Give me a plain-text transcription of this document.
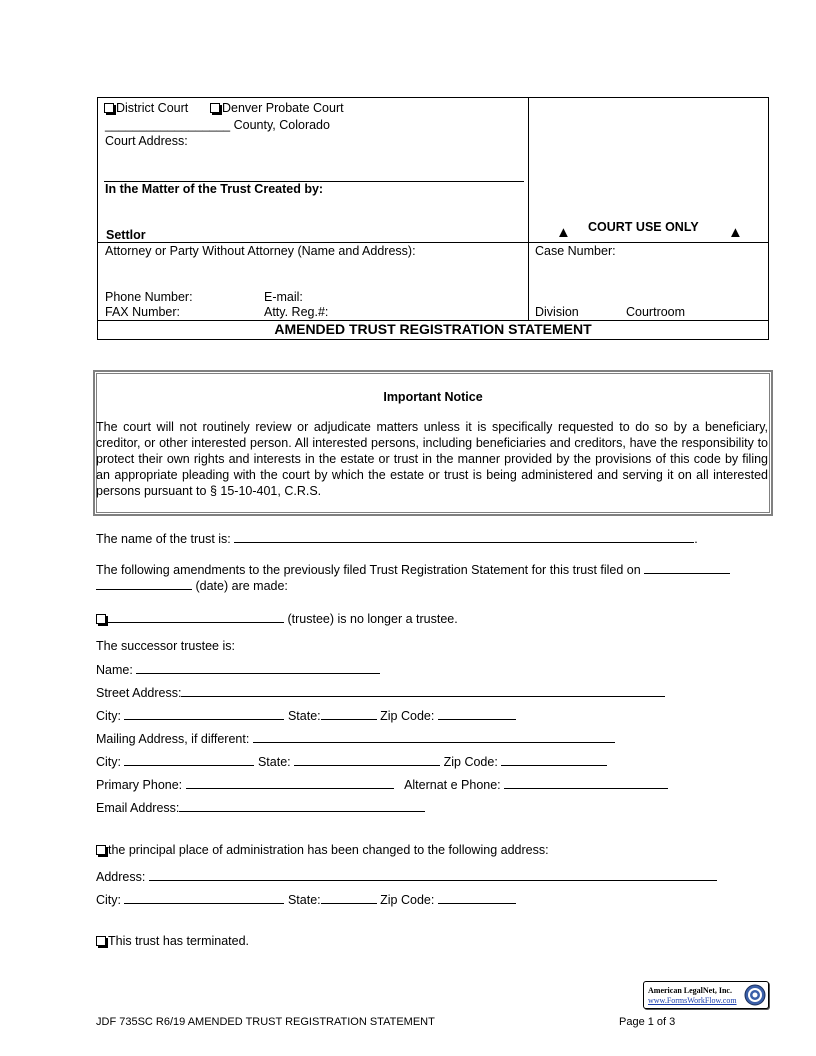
District Court	Denver Probate Court
__________________ County, Colorado
Court Address:
In the Matter of the Trust Created by:
Settlor	▲ COURT USE ONLY ▲
Attorney or Party Without Attorney (Name and Address):	Case Number:
Phone Number:	E-mail:
FAX Number:	Atty. Reg.#:	Division	Courtroom
AMENDED TRUST REGISTRATION STATEMENT
Important Notice
The court will not routinely review or adjudicate matters unless it is specifically requested to do so by a beneficiary, creditor, or other interested person. All interested persons, including beneficiaries and creditors, have the responsibility to protect their own rights and interests in the estate or trust in the manner provided by the provisions of this code by filing an appropriate pleading with the court by which the estate or trust is being administered and serving it on all interested persons pursuant to § 15-10-401, C.R.S.
The name of the trust is:	.
The following amendments to the previously filed Trust Registration Statement for this trust filed on
(date) are made:
(trustee) is no longer a trustee.
The successor trustee is:
Name:
Street Address:
City:	State:	Zip Code:
Mailing Address, if different:
City:	State:	Zip Code:
Primary Phone:	Alternat e Phone:
Email Address:
the principal place of administration has been changed to the following address:
Address:
City:	State:	Zip Code:
This trust has terminated.
American LegalNet, Inc.
www.FormsWorkFlow.com
JDF 735SC R6/19 AMENDED TRUST REGISTRATION STATEMENT	Page 1 of 3
